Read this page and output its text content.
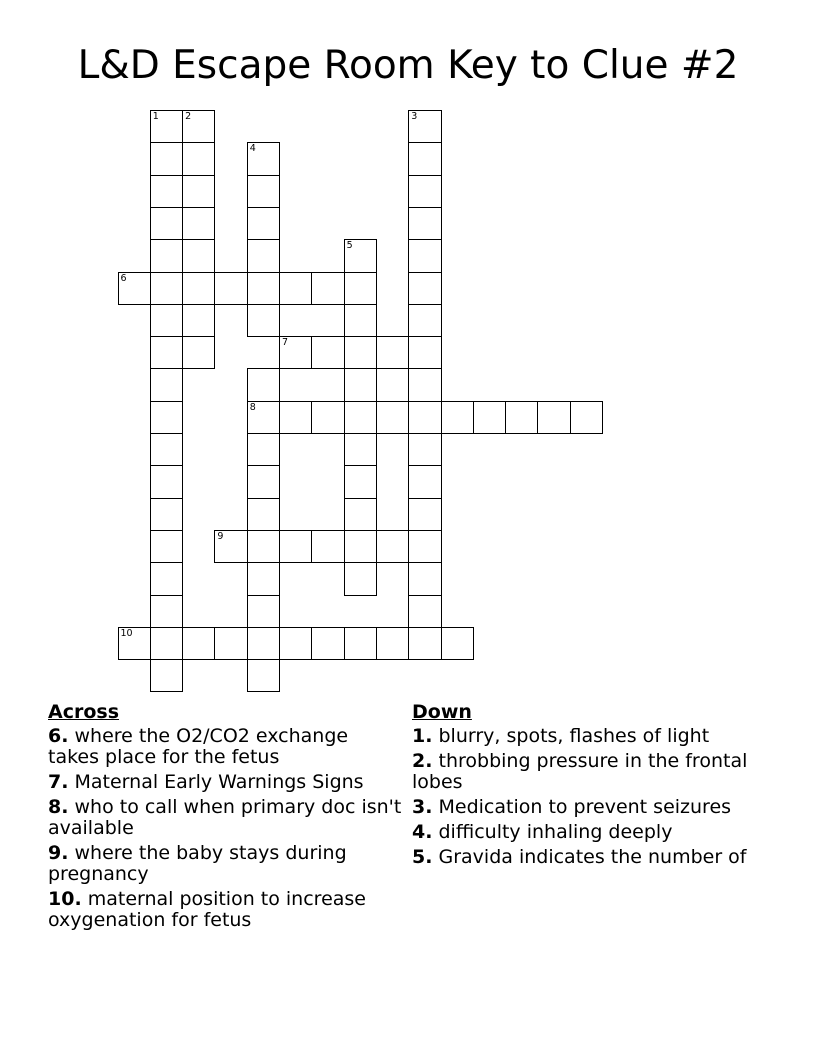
L&D Escape Room Key to Clue #2
1	2	3
4
5
6
7
8
9
10
Across
6. where the O2/CO2 exchange takes place for the fetus
7. Maternal Early Warnings Signs
8. who to call when primary doc isn't available
9. where the baby stays during pregnancy
10. maternal position to increase oxygenation for fetus
Down
1. blurry, spots, flashes of light
2. throbbing pressure in the frontal lobes
3. Medication to prevent seizures
4. difficulty inhaling deeply
5. Gravida indicates the number of
